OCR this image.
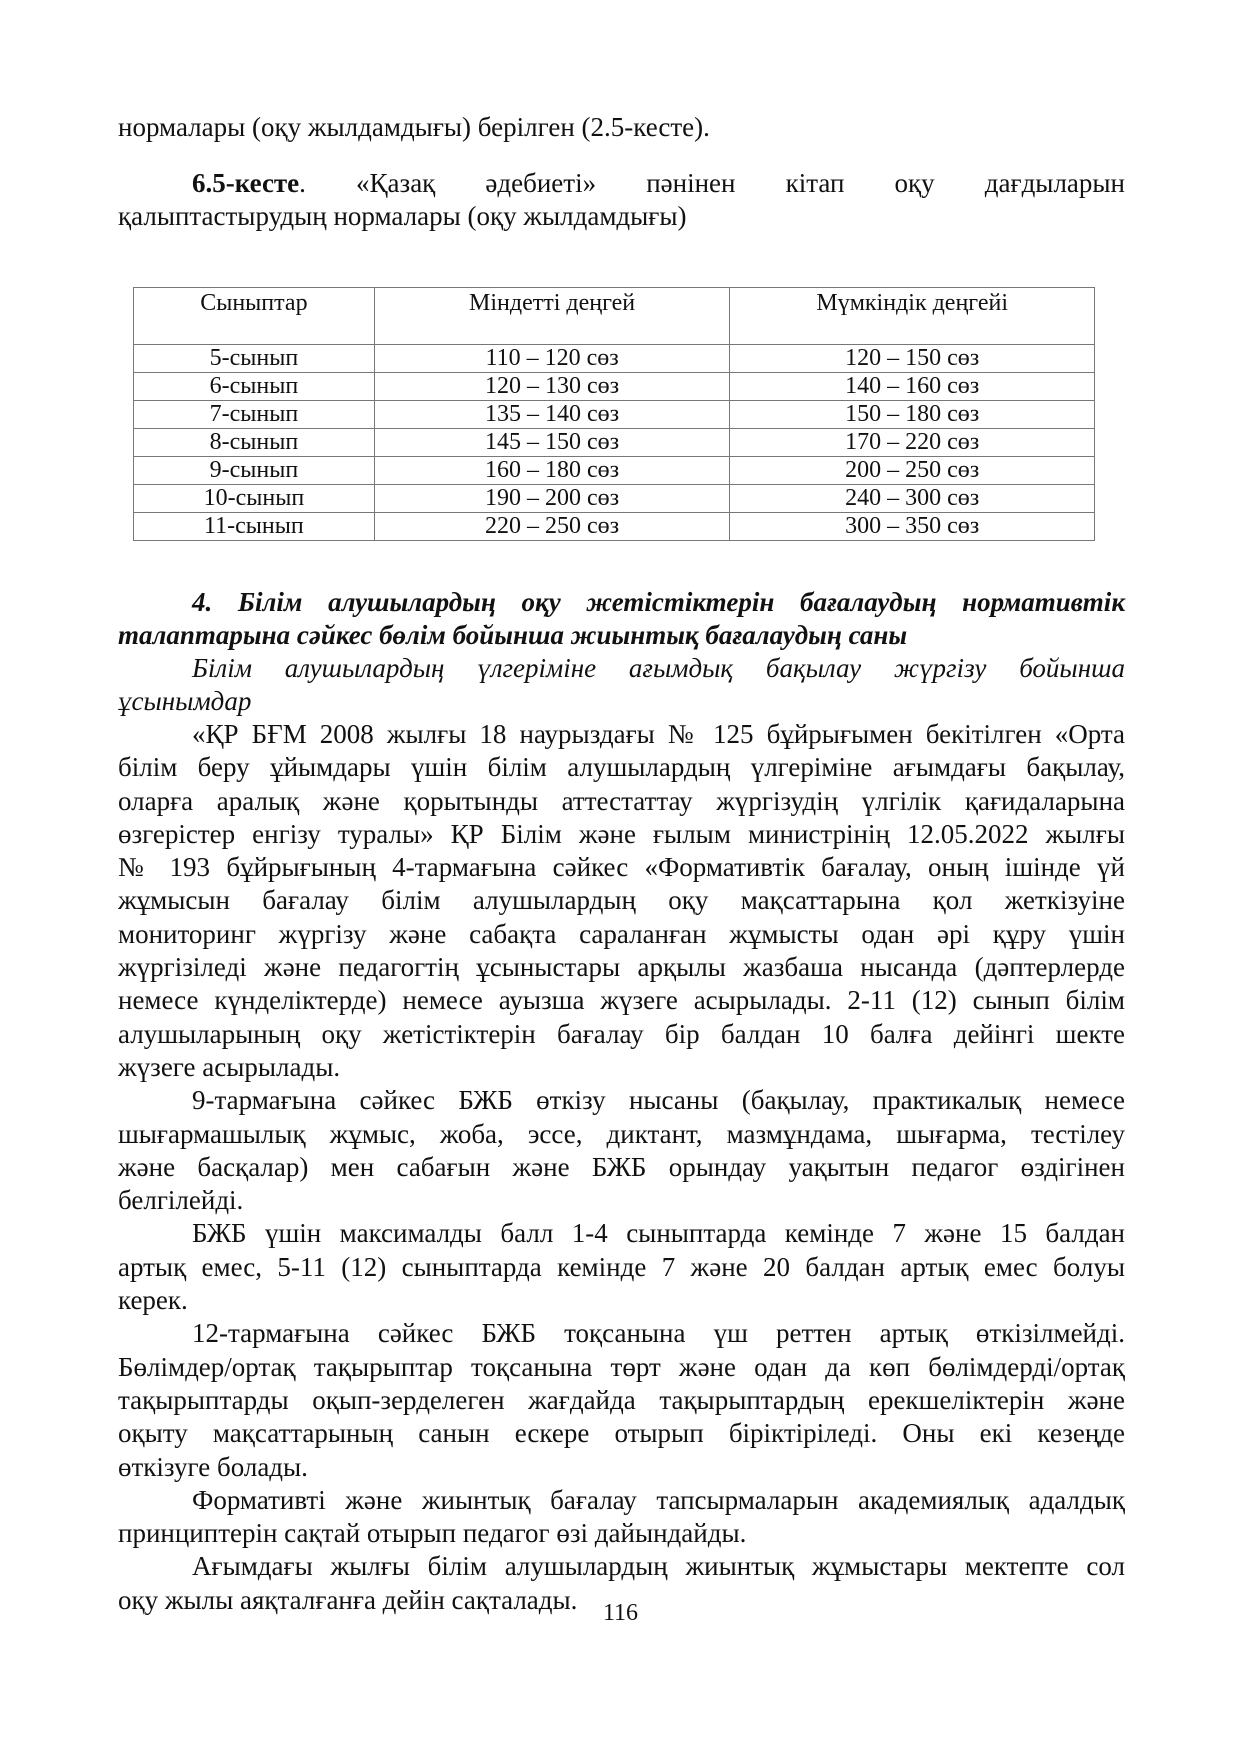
нормалары (оқу жылдамдығы) берілген (2.5-кесте).
6.5-кесте. «Қазақ әдебиеті» пәнінен кітап оқу дағдыларын
қалыптастырудың нормалары (оқу жылдамдығы)
Сыныптар	Міндетті деңгей	Мүмкіндік деңгейі
5-сынып	110 – 120 сөз	120 – 150 сөз
6-сынып	120 – 130 сөз	140 – 160 сөз
7-сынып	135 – 140 сөз	150 – 180 сөз
8-сынып	145 – 150 сөз	170 – 220 сөз
9-сынып	160 – 180 сөз	200 – 250 сөз
10-сынып	190 – 200 сөз	240 – 300 сөз
11-сынып	220 – 250 сөз	300 – 350 сөз
4. Білім алушылардың оқу жетістіктерін бағалаудың нормативтік
талаптарына сәйкес бөлім бойынша жиынтық бағалаудың саны
Білім алушылардың үлгеріміне ағымдық бақылау жүргізу бойынша
ұсынымдар
«ҚР БҒМ 2008 жылғы 18 наурыздағы № 125 бұйрығымен бекітілген «Орта
білім беру ұйымдары үшін білім алушылардың үлгеріміне ағымдағы бақылау,
оларға аралық және қорытынды аттестаттау жүргізудің үлгілік қағидаларына
өзгерістер енгізу туралы» ҚР Білім және ғылым министрінің 12.05.2022 жылғы
№ 193 бұйрығының 4-тармағына сәйкес «Формативтік бағалау, оның ішінде үй
жұмысын бағалау білім алушылардың оқу мақсаттарына қол жеткізуіне
мониторинг жүргізу және сабақта сараланған жұмысты одан әрі құру үшін
жүргізіледі және педагогтің ұсыныстары арқылы жазбаша нысанда (дәптерлерде
немесе күнделіктерде) немесе ауызша жүзеге асырылады. 2-11 (12) сынып білім
алушыларының оқу жетістіктерін бағалау бір балдан 10 балға дейінгі шекте
жүзеге асырылады.
9-тармағына сәйкес БЖБ өткізу нысаны (бақылау, практикалық немесе
шығармашылық жұмыс, жоба, эссе, диктант, мазмұндама, шығарма, тестілеу
және басқалар) мен сабағын және БЖБ орындау уақытын педагог өздігінен
белгілейді.
БЖБ үшін максималды балл 1-4 сыныптарда кемінде 7 және 15 балдан
артық емес, 5-11 (12) сыныптарда кемінде 7 және 20 балдан артық емес болуы
керек.
12-тармағына сәйкес БЖБ тоқсанына үш реттен артық өткізілмейді.
Бөлімдер/ортақ тақырыптар тоқсанына төрт және одан да көп бөлімдерді/ортақ
тақырыптарды оқып-зерделеген жағдайда тақырыптардың ерекшеліктерін және
оқыту мақсаттарының санын ескере отырып біріктіріледі. Оны екі кезеңде
өткізуге болады.
Формативті және жиынтық бағалау тапсырмаларын академиялық адалдық
принциптерін сақтай отырып педагог өзі дайындайды.
Ағымдағы жылғы білім алушылардың жиынтық жұмыстары мектепте сол
оқу жылы аяқталғанға дейін сақталады.	116
